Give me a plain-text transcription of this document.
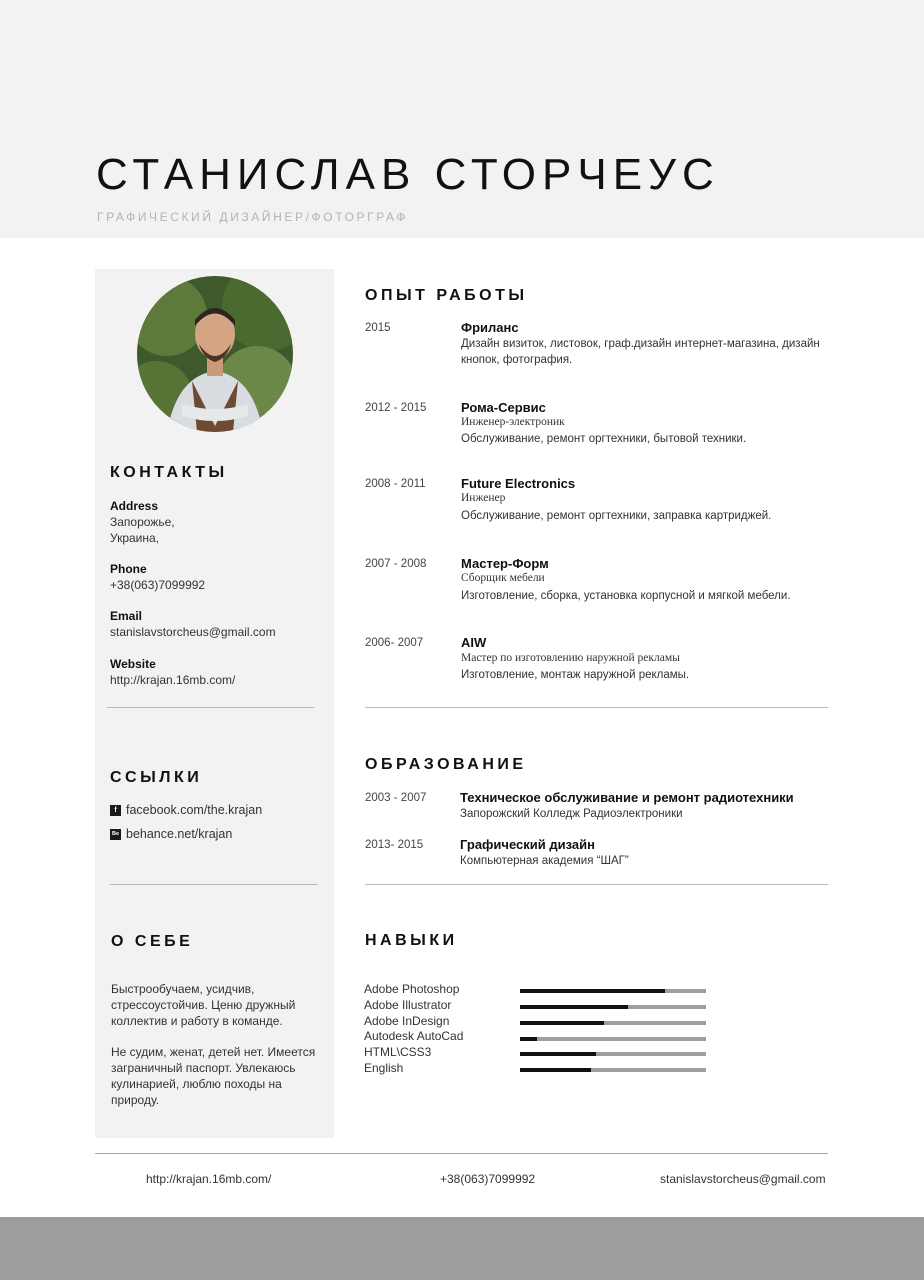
СТАНИСЛАВ СТОРЧЕУС
ГРАФИЧЕСКИЙ ДИЗАЙНЕР/ФОТОРГРАФ
КОНТАКТЫ
Address
Запорожье,
Украина,
Phone
+38(063)7099992
Email
stanislavstorcheus@gmail.com
Website
http://krajan.16mb.com/
ССЫЛКИ
f facebook.com/the.krajan
Be behance.net/krajan
О СЕБЕ
Быстрообучаем, усидчив, стрессоустойчив. Ценю дружный коллектив и работу в команде.
Не судим, женат, детей нет. Имеется заграничный паспорт. Увлекаюсь кулинарией, люблю походы на природу.
ОПЫТ РАБОТЫ
2015	Фриланс
Дизайн визиток, листовок, граф.дизайн интернет-магазина, дизайн кнопок, фотография.
2012 - 2015	Рома-Сервис
Инженер-электроник
Обслуживание, ремонт оргтехники, бытовой техники.
2008 - 2011	Future Electronics
Инженер
Обслуживание, ремонт оргтехники, заправка картриджей.
2007 - 2008	Мастер-Форм
Сборщик мебели
Изготовление, сборка, установка корпусной и мягкой мебели.
2006- 2007	AIW
Мастер по изготовлению наружной рекламы
Изготовление, монтаж наружной рекламы.
ОБРАЗОВАНИЕ
2003 - 2007	Техническое обслуживание и ремонт радиотехники
Запорожский Колледж Радиоэлектроники
2013- 2015	Графический дизайн
Компьютерная академия “ШАГ”
НАВЫКИ
Adobe Photoshop
Adobe Illustrator
Adobe InDesign
Autodesk AutoCad
HTML\CSS3
English
http://krajan.16mb.com/	+38(063)7099992	stanislavstorcheus@gmail.com
